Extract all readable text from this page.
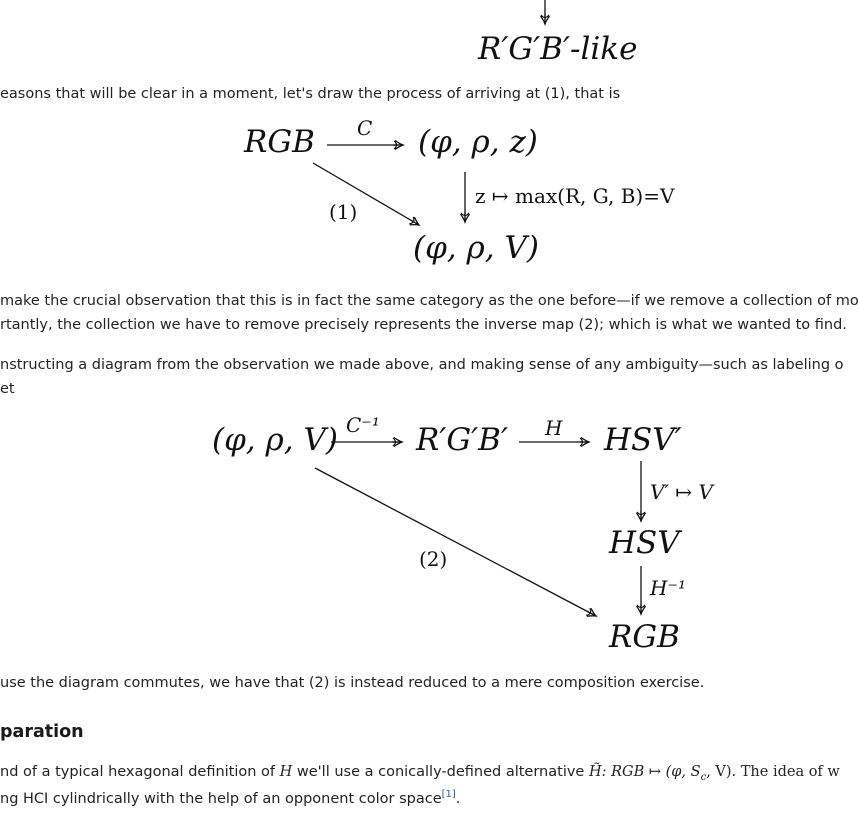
R′G′B′-like
easons that will be clear in a moment, let's draw the process of arriving at (1), that is
RGB	(φ, ρ, z)
(φ, ρ, V)
C
z ↦ max(R, G, B)=V
(1)
make the crucial observation that this is in fact the same category as the one before—if we remove a collection of mo
rtantly, the collection we have to remove precisely represents the inverse map (2); which is what we wanted to find.
nstructing a diagram from the observation we made above, and making sense of any ambiguity—such as labeling o
et
(φ, ρ, V)	R′G′B′	HSV′
HSV
RGB
C⁻¹	H
V′ ↦ V
H⁻¹
(2)
use the diagram commutes, we have that (2) is instead reduced to a mere composition exercise.
paration
nd of a typical hexagonal definition of H we'll use a conically-defined alternative H̃: RGB ↦ (φ, $S_c$, V). The idea of w
ng HCI cylindrically with the help of an opponent color space[1].
